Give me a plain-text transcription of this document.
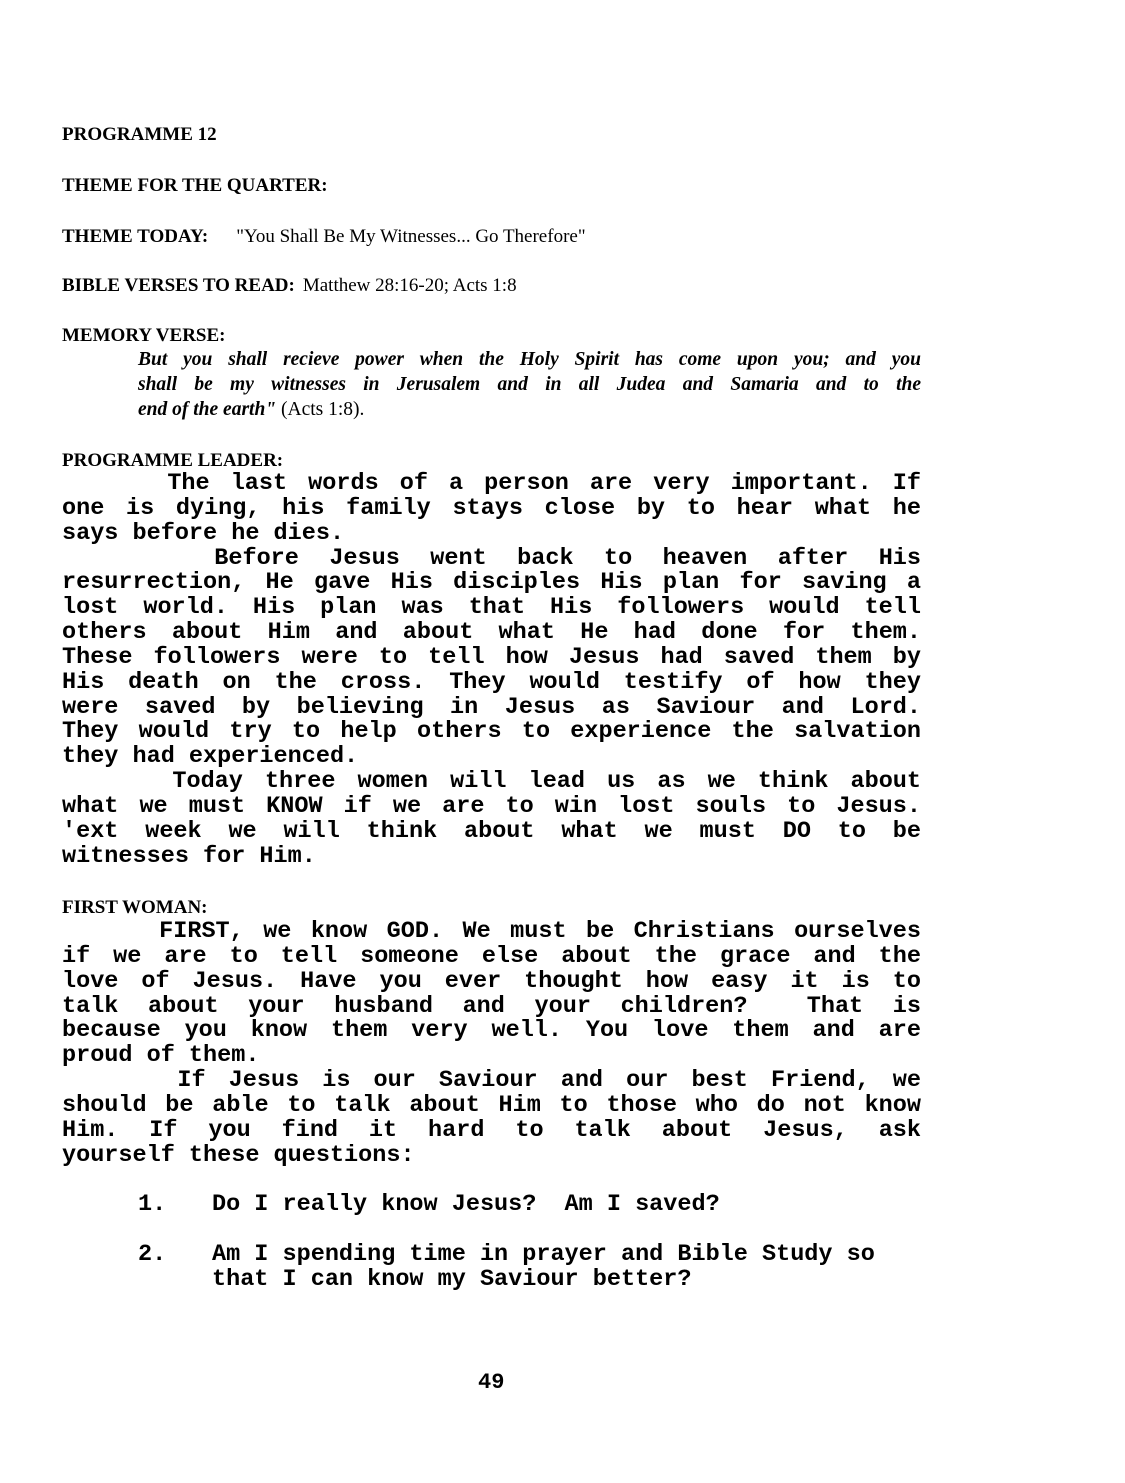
PROGRAMME 12
THEME FOR THE QUARTER:
THEME TODAY: "You Shall Be My Witnesses... Go Therefore"
BIBLE VERSES TO READ: Matthew 28:16-20; Acts 1:8
MEMORY VERSE:
But you shall recieve power when the Holy Spirit has come upon you; and you
shall be my witnesses in Jerusalem and in all Judea and Samaria and to the
end of the earth" (Acts 1:8).
PROGRAMME LEADER:
The last words of a person are very important. If
one is dying, his family stays close by to hear what he
says before he dies.
Before Jesus went back to heaven after His
resurrection, He gave His disciples His plan for saving a
lost world. His plan was that His followers would tell
others about Him and about what He had done for them.
These followers were to tell how Jesus had saved them by
His death on the cross. They would testify of how they
were saved by believing in Jesus as Saviour and Lord.
They would try to help others to experience the salvation
they had experienced.
Today three women will lead us as we think about
what we must KNOW if we are to win lost souls to Jesus.
'ext week we will think about what we must DO to be
witnesses for Him.
FIRST WOMAN:
FIRST, we know GOD. We must be Christians ourselves
if we are to tell someone else about the grace and the
love of Jesus. Have you ever thought how easy it is to
talk about your husband and your children?  That is
because you know them very well. You love them and are
proud of them.
If Jesus is our Saviour and our best Friend, we
should be able to talk about Him to those who do not know
Him. If you find it hard to talk about Jesus, ask
yourself these questions:
1. Do I really know Jesus?  Am I saved?
2. Am I spending time in prayer and Bible Study so
that I can know my Saviour better?
49
